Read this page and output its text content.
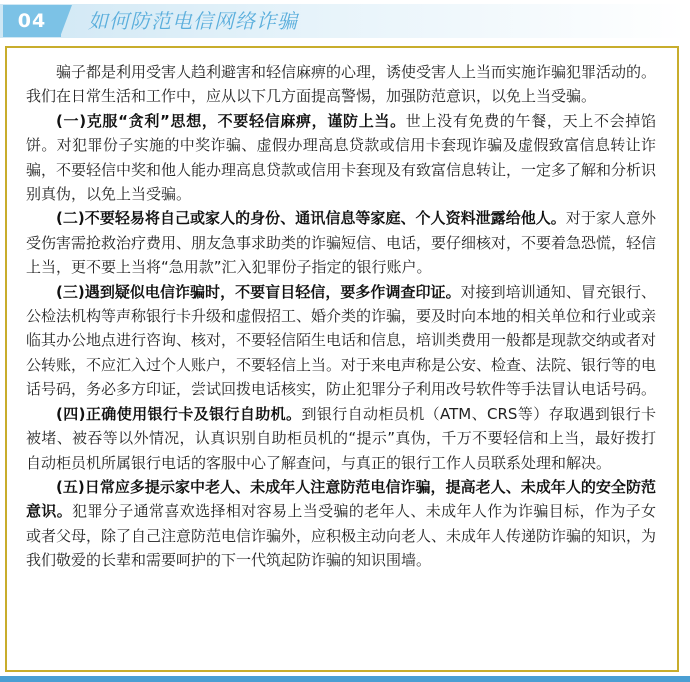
04	如何防范电信网络诈骗

骗子都是利用受害人趋利避害和轻信麻痹的心理，诱使受害人上当而实施诈骗犯罪活动的。我们在日常生活和工作中，应从以下几方面提高警惕，加强防范意识，以免上当受骗。

(一)克服“贪利”思想，不要轻信麻痹，谨防上当。世上没有免费的午餐，天上不会掉馅饼。对犯罪份子实施的中奖诈骗、虚假办理高息贷款或信用卡套现诈骗及虚假致富信息转让诈骗，不要轻信中奖和他人能办理高息贷款或信用卡套现及有致富信息转让，一定多了解和分析识别真伪，以免上当受骗。

(二)不要轻易将自己或家人的身份、通讯信息等家庭、个人资料泄露给他人。对于家人意外受伤害需抢救治疗费用、朋友急事求助类的诈骗短信、电话，要仔细核对，不要着急恐慌，轻信上当，更不要上当将“急用款”汇入犯罪份子指定的银行账户。

(三)遇到疑似电信诈骗时，不要盲目轻信，要多作调查印证。对接到培训通知、冒充银行、公检法机构等声称银行卡升级和虚假招工、婚介类的诈骗，要及时向本地的相关单位和行业或亲临其办公地点进行咨询、核对，不要轻信陌生电话和信息，培训类费用一般都是现款交纳或者对公转账，不应汇入过个人账户，不要轻信上当。对于来电声称是公安、检查、法院、银行等的电话号码，务必多方印证，尝试回拨电话核实，防止犯罪分子利用改号软件等手法冒认电话号码。

(四)正确使用银行卡及银行自助机。到银行自动柜员机（ATM、CRS等）存取遇到银行卡被堵、被吞等以外情况，认真识别自助柜员机的“提示”真伪，千万不要轻信和上当，最好拨打自动柜员机所属银行电话的客服中心了解查问，与真正的银行工作人员联系处理和解决。

(五)日常应多提示家中老人、未成年人注意防范电信诈骗，提高老人、未成年人的安全防范意识。犯罪分子通常喜欢选择相对容易上当受骗的老年人、未成年人作为诈骗目标，作为子女或者父母，除了自己注意防范电信诈骗外，应积极主动向老人、未成年人传递防诈骗的知识，为我们敬爱的长辈和需要呵护的下一代筑起防诈骗的知识围墙。
